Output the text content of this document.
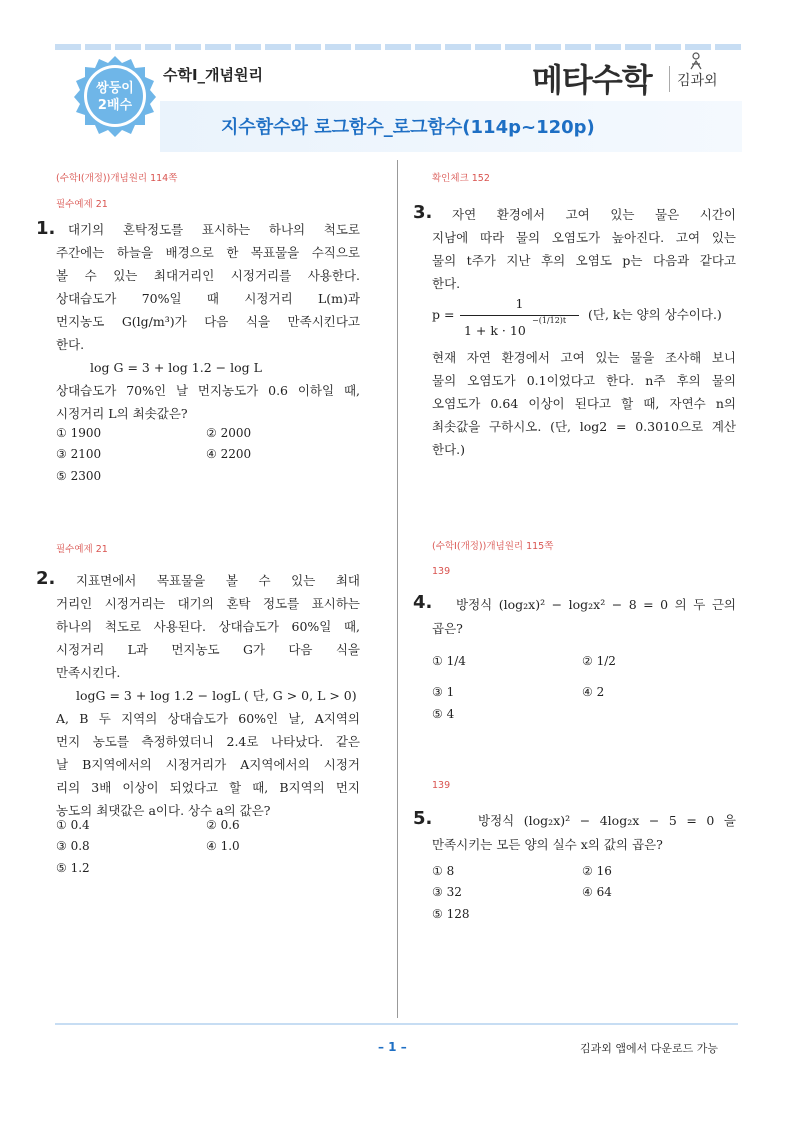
쌍둥이
2배수
수학Ⅰ_개념원리	메타수학 김과외
지수함수와 로그함수_로그함수(114p~120p)
(수학I(개정))개념원리 114쪽
필수예제 21
1. 대기의 혼탁정도를 표시하는 하나의 척도로
주간에는 하늘을 배경으로 한 목표물을 수직으로
볼 수 있는 최대거리인 시정거리를 사용한다.
상대습도가 70%일 때 시정거리 L(m)과
먼지농도 G(lg/m³)가 다음 식을 만족시킨다고
한다.
log G = 3 + log 1.2 − log L
상대습도가 70%인 날 먼지농도가 0.6 이하일 때,
시정거리 L의 최솟값은?
① 1900	② 2000
③ 2100	④ 2200
⑤ 2300
필수예제 21
2. 지표면에서 목표물을 볼 수 있는 최대
거리인 시정거리는 대기의 혼탁 정도를 표시하는
하나의 척도로 사용된다. 상대습도가 60%일 때,
시정거리 L과 먼지농도 G가 다음 식을
만족시킨다.
logG = 3 + log 1.2 − logL ( 단, G > 0, L > 0)
A, B 두 지역의 상대습도가 60%인 날, A지역의
먼지 농도를 측정하였더니 2.4로 나타났다. 같은
날 B지역에서의 시정거리가 A지역에서의 시정거
리의 3배 이상이 되었다고 할 때, B지역의 먼지
농도의 최댓값은 a이다. 상수 a의 값은?
① 0.4	② 0.6
③ 0.8	④ 1.0
⑤ 1.2
확인체크 152
3. 자연 환경에서 고여 있는 물은 시간이
지남에 따라 물의 오염도가 높아진다. 고여 있는
물의 t주가 지난 후의 오염도 p는 다음과 같다고
한다.
p =
1
1 + k · 10
−(1/12)t (단, k는 양의 상수이다.)
현재 자연 환경에서 고여 있는 물을 조사해 보니
물의 오염도가 0.1이었다고 한다. n주 후의 물의
오염도가 0.64 이상이 된다고 할 때, 자연수 n의
최솟값을 구하시오. (단, log2 = 0.3010으로 계산
한다.)
(수학I(개정))개념원리 115쪽
139
4. 방정식 (log₂x)² − log₂x² − 8 = 0 의 두 근의
곱은?
① 1/4	② 1/2
③ 1	④ 2
⑤ 4
139
5.	방정식 (log₂x)² − 4log₂x − 5 = 0 을
만족시키는 모든 양의 실수 x의 값의 곱은?
① 8	② 16
③ 32	④ 64
⑤ 128
– 1 –	김과외 앱에서 다운로드 가능
